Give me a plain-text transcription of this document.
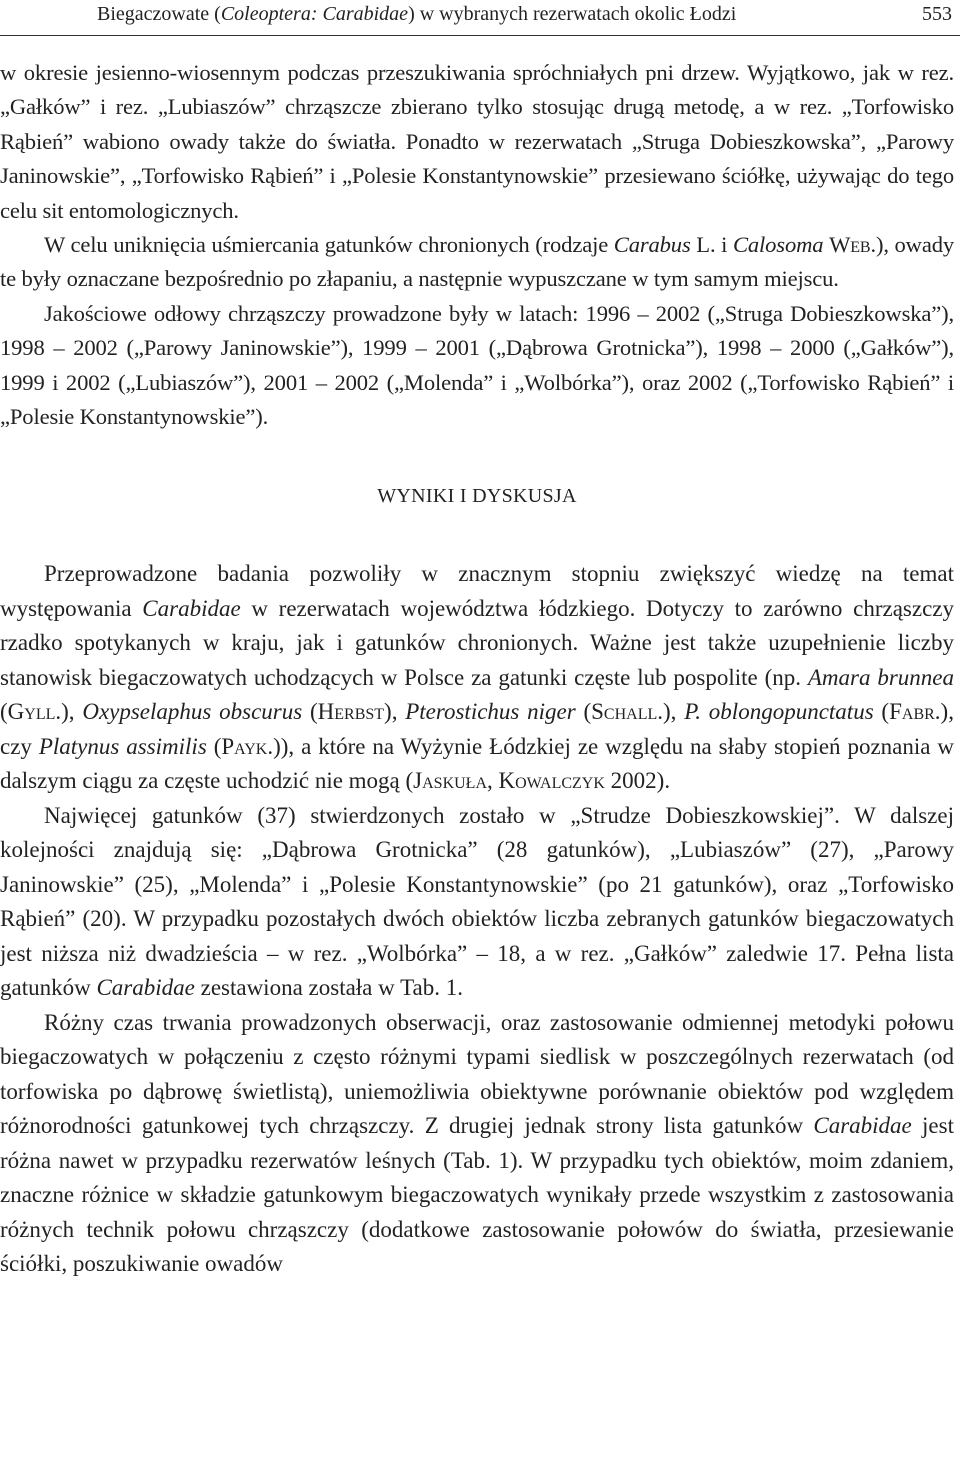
Biegaczowate (Coleoptera: Carabidae) w wybranych rezerwatach okolic Łodzi	553

w okresie jesienno-wiosennym podczas przeszukiwania spróchniałych pni drzew. Wyjątkowo, jak w rez. „Gałków” i rez. „Lubiaszów” chrząszcze zbierano tylko stosując drugą metodę, a w rez. „Torfowisko Rąbień” wabiono owady także do światła. Ponadto w rezerwatach „Struga Dobieszkowska”, „Parowy Janinowskie”, „Torfowisko Rąbień” i „Polesie Konstantynowskie” przesiewano ściółkę, używając do tego celu sit entomologicznych.

W celu uniknięcia uśmiercania gatunków chronionych (rodzaje Carabus L. i Calosoma Web.), owady te były oznaczane bezpośrednio po złapaniu, a następnie wypuszczane w tym samym miejscu.

Jakościowe odłowy chrząszczy prowadzone były w latach: 1996 – 2002 („Struga Dobieszkowska”), 1998 – 2002 („Parowy Janinowskie”), 1999 – 2001 („Dąbrowa Grotnicka”), 1998 – 2000 („Gałków”), 1999 i 2002 („Lubiaszów”), 2001 – 2002 („Molenda” i „Wolbórka”), oraz 2002 („Torfowisko Rąbień” i „Polesie Konstantynowskie”).

WYNIKI I DYSKUSJA

Przeprowadzone badania pozwoliły w znacznym stopniu zwiększyć wiedzę na temat występowania Carabidae w rezerwatach województwa łódzkiego. Dotyczy to zarówno chrząszczy rzadko spotykanych w kraju, jak i gatunków chronionych. Ważne jest także uzupełnienie liczby stanowisk biegaczowatych uchodzących w Polsce za gatunki częste lub pospolite (np. Amara brunnea (Gyll.), Oxypselaphus obscurus (Herbst), Pterostichus niger (Schall.), P. oblongopunctatus (Fabr.), czy Platynus assimilis (Payk.)), a które na Wyżynie Łódzkiej ze względu na słaby stopień poznania w dalszym ciągu za częste uchodzić nie mogą (Jaskuła, Kowalczyk 2002).

Najwięcej gatunków (37) stwierdzonych zostało w „Strudze Dobieszkowskiej”. W dalszej kolejności znajdują się: „Dąbrowa Grotnicka” (28 gatunków), „Lubiaszów” (27), „Parowy Janinowskie” (25), „Molenda” i „Polesie Konstantynowskie” (po 21 gatunków), oraz „Torfowisko Rąbień” (20). W przypadku pozostałych dwóch obiektów liczba zebranych gatunków biegaczowatych jest niższa niż dwadzieścia – w rez. „Wolbórka” – 18, a w rez. „Gałków” zaledwie 17. Pełna lista gatunków Carabidae zestawiona została w Tab. 1.

Różny czas trwania prowadzonych obserwacji, oraz zastosowanie odmiennej metodyki połowu biegaczowatych w połączeniu z często różnymi typami siedlisk w poszczególnych rezerwatach (od torfowiska po dąbrowę świetlistą), uniemożliwia obiektywne porównanie obiektów pod względem różnorodności gatunkowej tych chrząszczy. Z drugiej jednak strony lista gatunków Carabidae jest różna nawet w przypadku rezerwatów leśnych (Tab. 1). W przypadku tych obiektów, moim zdaniem, znaczne różnice w składzie gatunkowym biegaczowatych wynikały przede wszystkim z zastosowania różnych technik połowu chrząszczy (dodatkowe zastosowanie połowów do światła, przesiewanie ściółki, poszukiwanie owadów
